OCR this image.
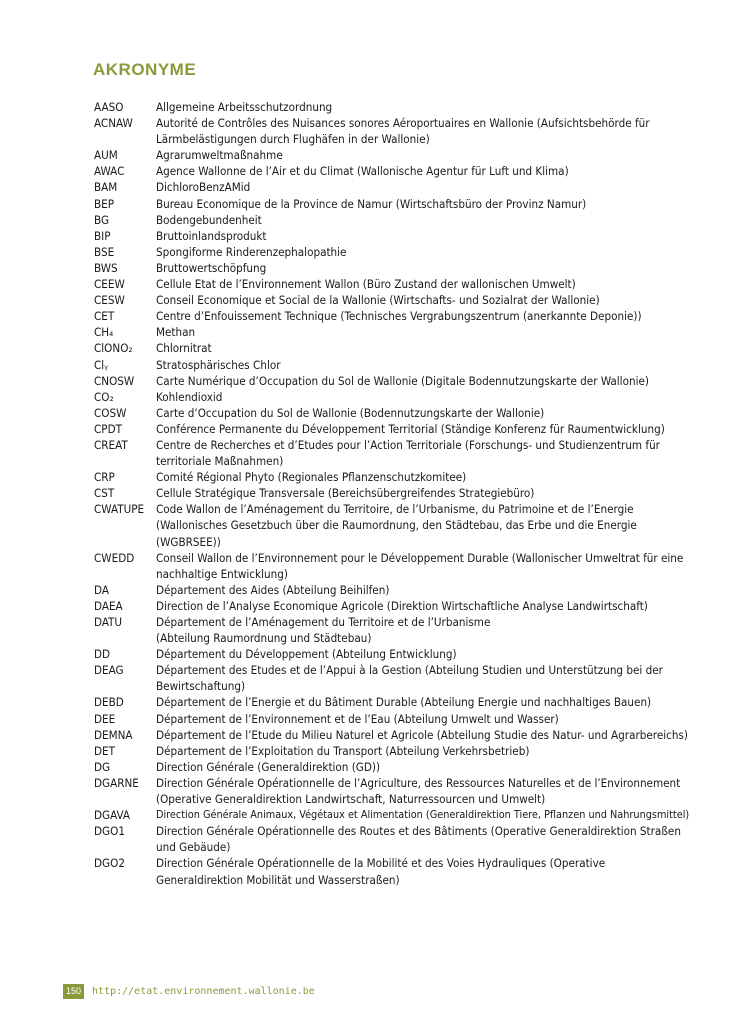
AKRONYME
AASO	Allgemeine Arbeitsschutzordnung
ACNAW	Autorité de Contrôles des Nuisances sonores Aéroportuaires en Wallonie (Aufsichtsbehörde für Lärmbelästigungen durch Flughäfen in der Wallonie)
AUM	Agrarumweltmaßnahme
AWAC	Agence Wallonne de l’Air et du Climat (Wallonische Agentur für Luft und Klima)
BAM	DichloroBenzAMid
BEP	Bureau Economique de la Province de Namur (Wirtschaftsbüro der Provinz Namur)
BG	Bodengebundenheit
BIP	Bruttoinlandsprodukt
BSE	Spongiforme Rinderenzephalopathie
BWS	Bruttowertschöpfung
CEEW	Cellule Etat de l’Environnement Wallon (Büro Zustand der wallonischen Umwelt)
CESW	Conseil Economique et Social de la Wallonie (Wirtschafts- und Sozialrat der Wallonie)
CET	Centre d’Enfouissement Technique (Technisches Vergrabungszentrum (anerkannte Deponie))
CH₄	Methan
ClONO₂	Chlornitrat
Clᵧ	Stratosphärisches Chlor
CNOSW	Carte Numérique d’Occupation du Sol de Wallonie (Digitale Bodennutzungskarte der Wallonie)
CO₂	Kohlendioxid
COSW	Carte d’Occupation du Sol de Wallonie (Bodennutzungskarte der Wallonie)
CPDT	Conférence Permanente du Développement Territorial (Ständige Konferenz für Raumentwicklung)
CREAT	Centre de Recherches et d’Etudes pour l’Action Territoriale (Forschungs- und Studienzentrum für territoriale Maßnahmen)
CRP	Comité Régional Phyto (Regionales Pflanzenschutzkomitee)
CST	Cellule Stratégique Transversale (Bereichsübergreifendes Strategiebüro)
CWATUPE	Code Wallon de l’Aménagement du Territoire, de l’Urbanisme, du Patrimoine et de l’Energie (Wallonisches Gesetzbuch über die Raumordnung, den Städtebau, das Erbe und die Energie (WGBRSEE))
CWEDD	Conseil Wallon de l’Environnement pour le Développement Durable (Wallonischer Umweltrat für eine nachhaltige Entwicklung)
DA	Département des Aides (Abteilung Beihilfen)
DAEA	Direction de l’Analyse Economique Agricole (Direktion Wirtschaftliche Analyse Landwirtschaft)
DATU	Département de l’Aménagement du Territoire et de l’Urbanisme
(Abteilung Raumordnung und Städtebau)
DD	Département du Développement (Abteilung Entwicklung)
DEAG	Département des Etudes et de l’Appui à la Gestion (Abteilung Studien und Unterstützung bei der Bewirtschaftung)
DEBD	Département de l’Energie et du Bâtiment Durable (Abteilung Energie und nachhaltiges Bauen)
DEE	Département de l’Environnement et de l’Eau (Abteilung Umwelt und Wasser)
DEMNA	Département de l’Etude du Milieu Naturel et Agricole (Abteilung Studie des Natur- und Agrarbereichs)
DET	Département de l’Exploitation du Transport (Abteilung Verkehrsbetrieb)
DG	Direction Générale (Generaldirektion (GD))
DGARNE	Direction Générale Opérationnelle de l’Agriculture, des Ressources Naturelles et de l’Environnement (Operative Generaldirektion Landwirtschaft, Naturressourcen und Umwelt)
DGAVA	Direction Générale Animaux, Végétaux et Alimentation (Generaldirektion Tiere, Pflanzen und Nahrungsmittel)
DGO1	Direction Générale Opérationnelle des Routes et des Bâtiments (Operative Generaldirektion Straßen und Gebäude)
DGO2	Direction Générale Opérationnelle de la Mobilité et des Voies Hydrauliques (Operative Generaldirektion Mobilität und Wasserstraßen)
150	http://etat.environnement.wallonie.be
